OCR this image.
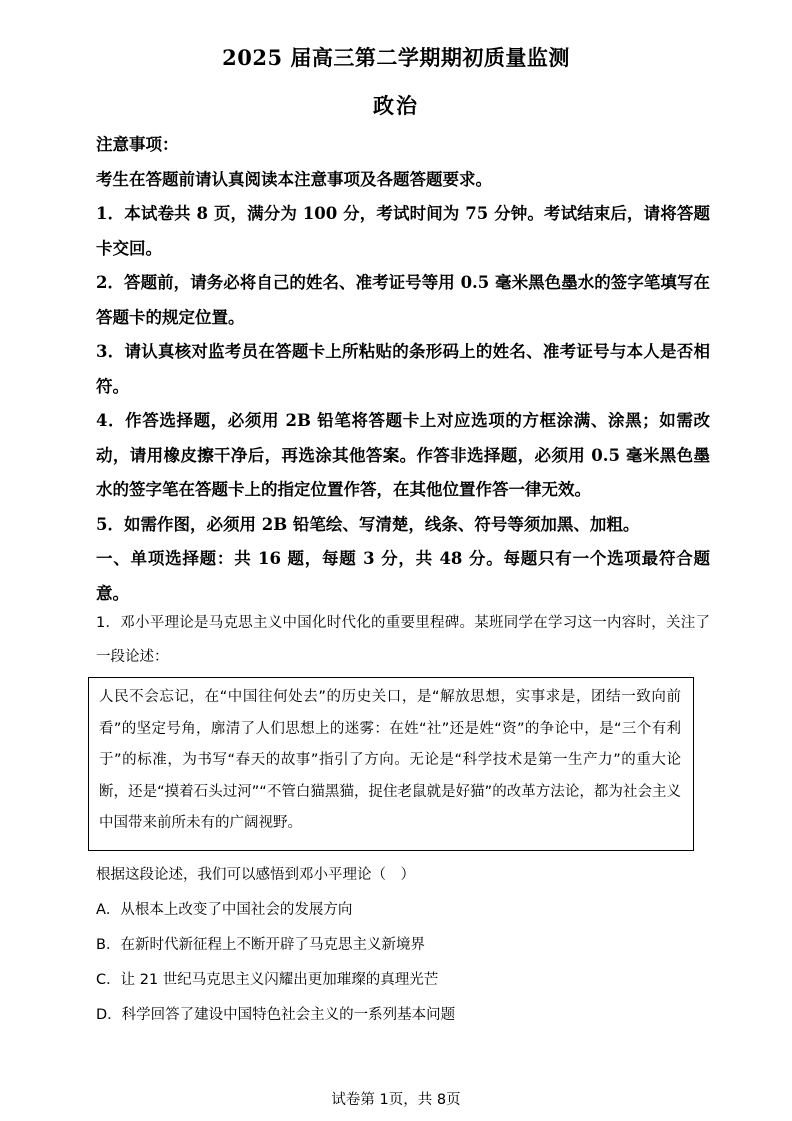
2025 届高三第二学期期初质量监测
政治

注意事项：

考生在答题前请认真阅读本注意事项及各题答题要求。

1．本试卷共 8 页，满分为 100 分，考试时间为 75 分钟。考试结束后，请将答题卡交回。

2．答题前，请务必将自己的姓名、准考证号等用 0.5 毫米黑色墨水的签字笔填写在答题卡的规定位置。

3．请认真核对监考员在答题卡上所粘贴的条形码上的姓名、准考证号与本人是否相符。

4．作答选择题，必须用 2B 铅笔将答题卡上对应选项的方框涂满、涂黑；如需改动，请用橡皮擦干净后，再选涂其他答案。作答非选择题，必须用 0.5 毫米黑色墨水的签字笔在答题卡上的指定位置作答，在其他位置作答一律无效。

5．如需作图，必须用 2B 铅笔绘、写清楚，线条、符号等须加黑、加粗。

一、单项选择题：共 16 题，每题 3 分，共 48 分。每题只有一个选项最符合题意。

1．邓小平理论是马克思主义中国化时代化的重要里程碑。某班同学在学习这一内容时，关注了一段论述：

人民不会忘记，在“中国往何处去”的历史关口，是“解放思想，实事求是，团结一致向前看”的坚定号角，廓清了人们思想上的迷雾：在姓“社”还是姓“资”的争论中，是“三个有利于”的标准，为书写“春天的故事”指引了方向。无论是“科学技术是第一生产力”的重大论断，还是“摸着石头过河”“不管白猫黑猫，捉住老鼠就是好猫”的改革方法论，都为社会主义中国带来前所未有的广阔视野。

根据这段论述，我们可以感悟到邓小平理论（　）

A．从根本上改变了中国社会的发展方向

B．在新时代新征程上不断开辟了马克思主义新境界

C．让 21 世纪马克思主义闪耀出更加璀璨的真理光芒

D．科学回答了建设中国特色社会主义的一系列基本问题

试卷第 1页，共 8页
